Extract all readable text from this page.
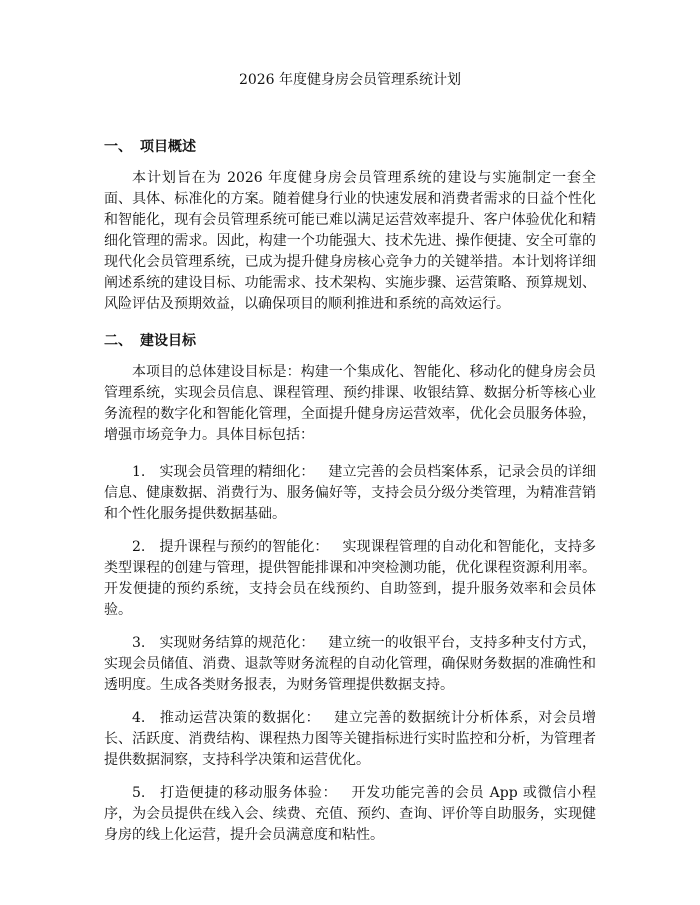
2026 年度健身房会员管理系统计划
一、 项目概述

本计划旨在为 2026 年度健身房会员管理系统的建设与实施制定一套全面、具体、标准化的方案。随着健身行业的快速发展和消费者需求的日益个性化和智能化，现有会员管理系统可能已难以满足运营效率提升、客户体验优化和精细化管理的需求。因此，构建一个功能强大、技术先进、操作便捷、安全可靠的现代化会员管理系统，已成为提升健身房核心竞争力的关键举措。本计划将详细阐述系统的建设目标、功能需求、技术架构、实施步骤、运营策略、预算规划、风险评估及预期效益，以确保项目的顺利推进和系统的高效运行。

二、 建设目标

本项目的总体建设目标是：构建一个集成化、智能化、移动化的健身房会员管理系统，实现会员信息、课程管理、预约排课、收银结算、数据分析等核心业务流程的数字化和智能化管理，全面提升健身房运营效率，优化会员服务体验，增强市场竞争力。具体目标包括：

1. 实现会员管理的精细化： 建立完善的会员档案体系，记录会员的详细信息、健康数据、消费行为、服务偏好等，支持会员分级分类管理，为精准营销和个性化服务提供数据基础。

2. 提升课程与预约的智能化： 实现课程管理的自动化和智能化，支持多类型课程的创建与管理，提供智能排课和冲突检测功能，优化课程资源利用率。开发便捷的预约系统，支持会员在线预约、自助签到，提升服务效率和会员体验。

3. 实现财务结算的规范化： 建立统一的收银平台，支持多种支付方式，实现会员储值、消费、退款等财务流程的自动化管理，确保财务数据的准确性和透明度。生成各类财务报表，为财务管理提供数据支持。

4. 推动运营决策的数据化： 建立完善的数据统计分析体系，对会员增长、活跃度、消费结构、课程热力图等关键指标进行实时监控和分析，为管理者提供数据洞察，支持科学决策和运营优化。

5. 打造便捷的移动服务体验： 开发功能完善的会员 App 或微信小程序，为会员提供在线入会、续费、充值、预约、查询、评价等自助服务，实现健身房的线上化运营，提升会员满意度和粘性。
